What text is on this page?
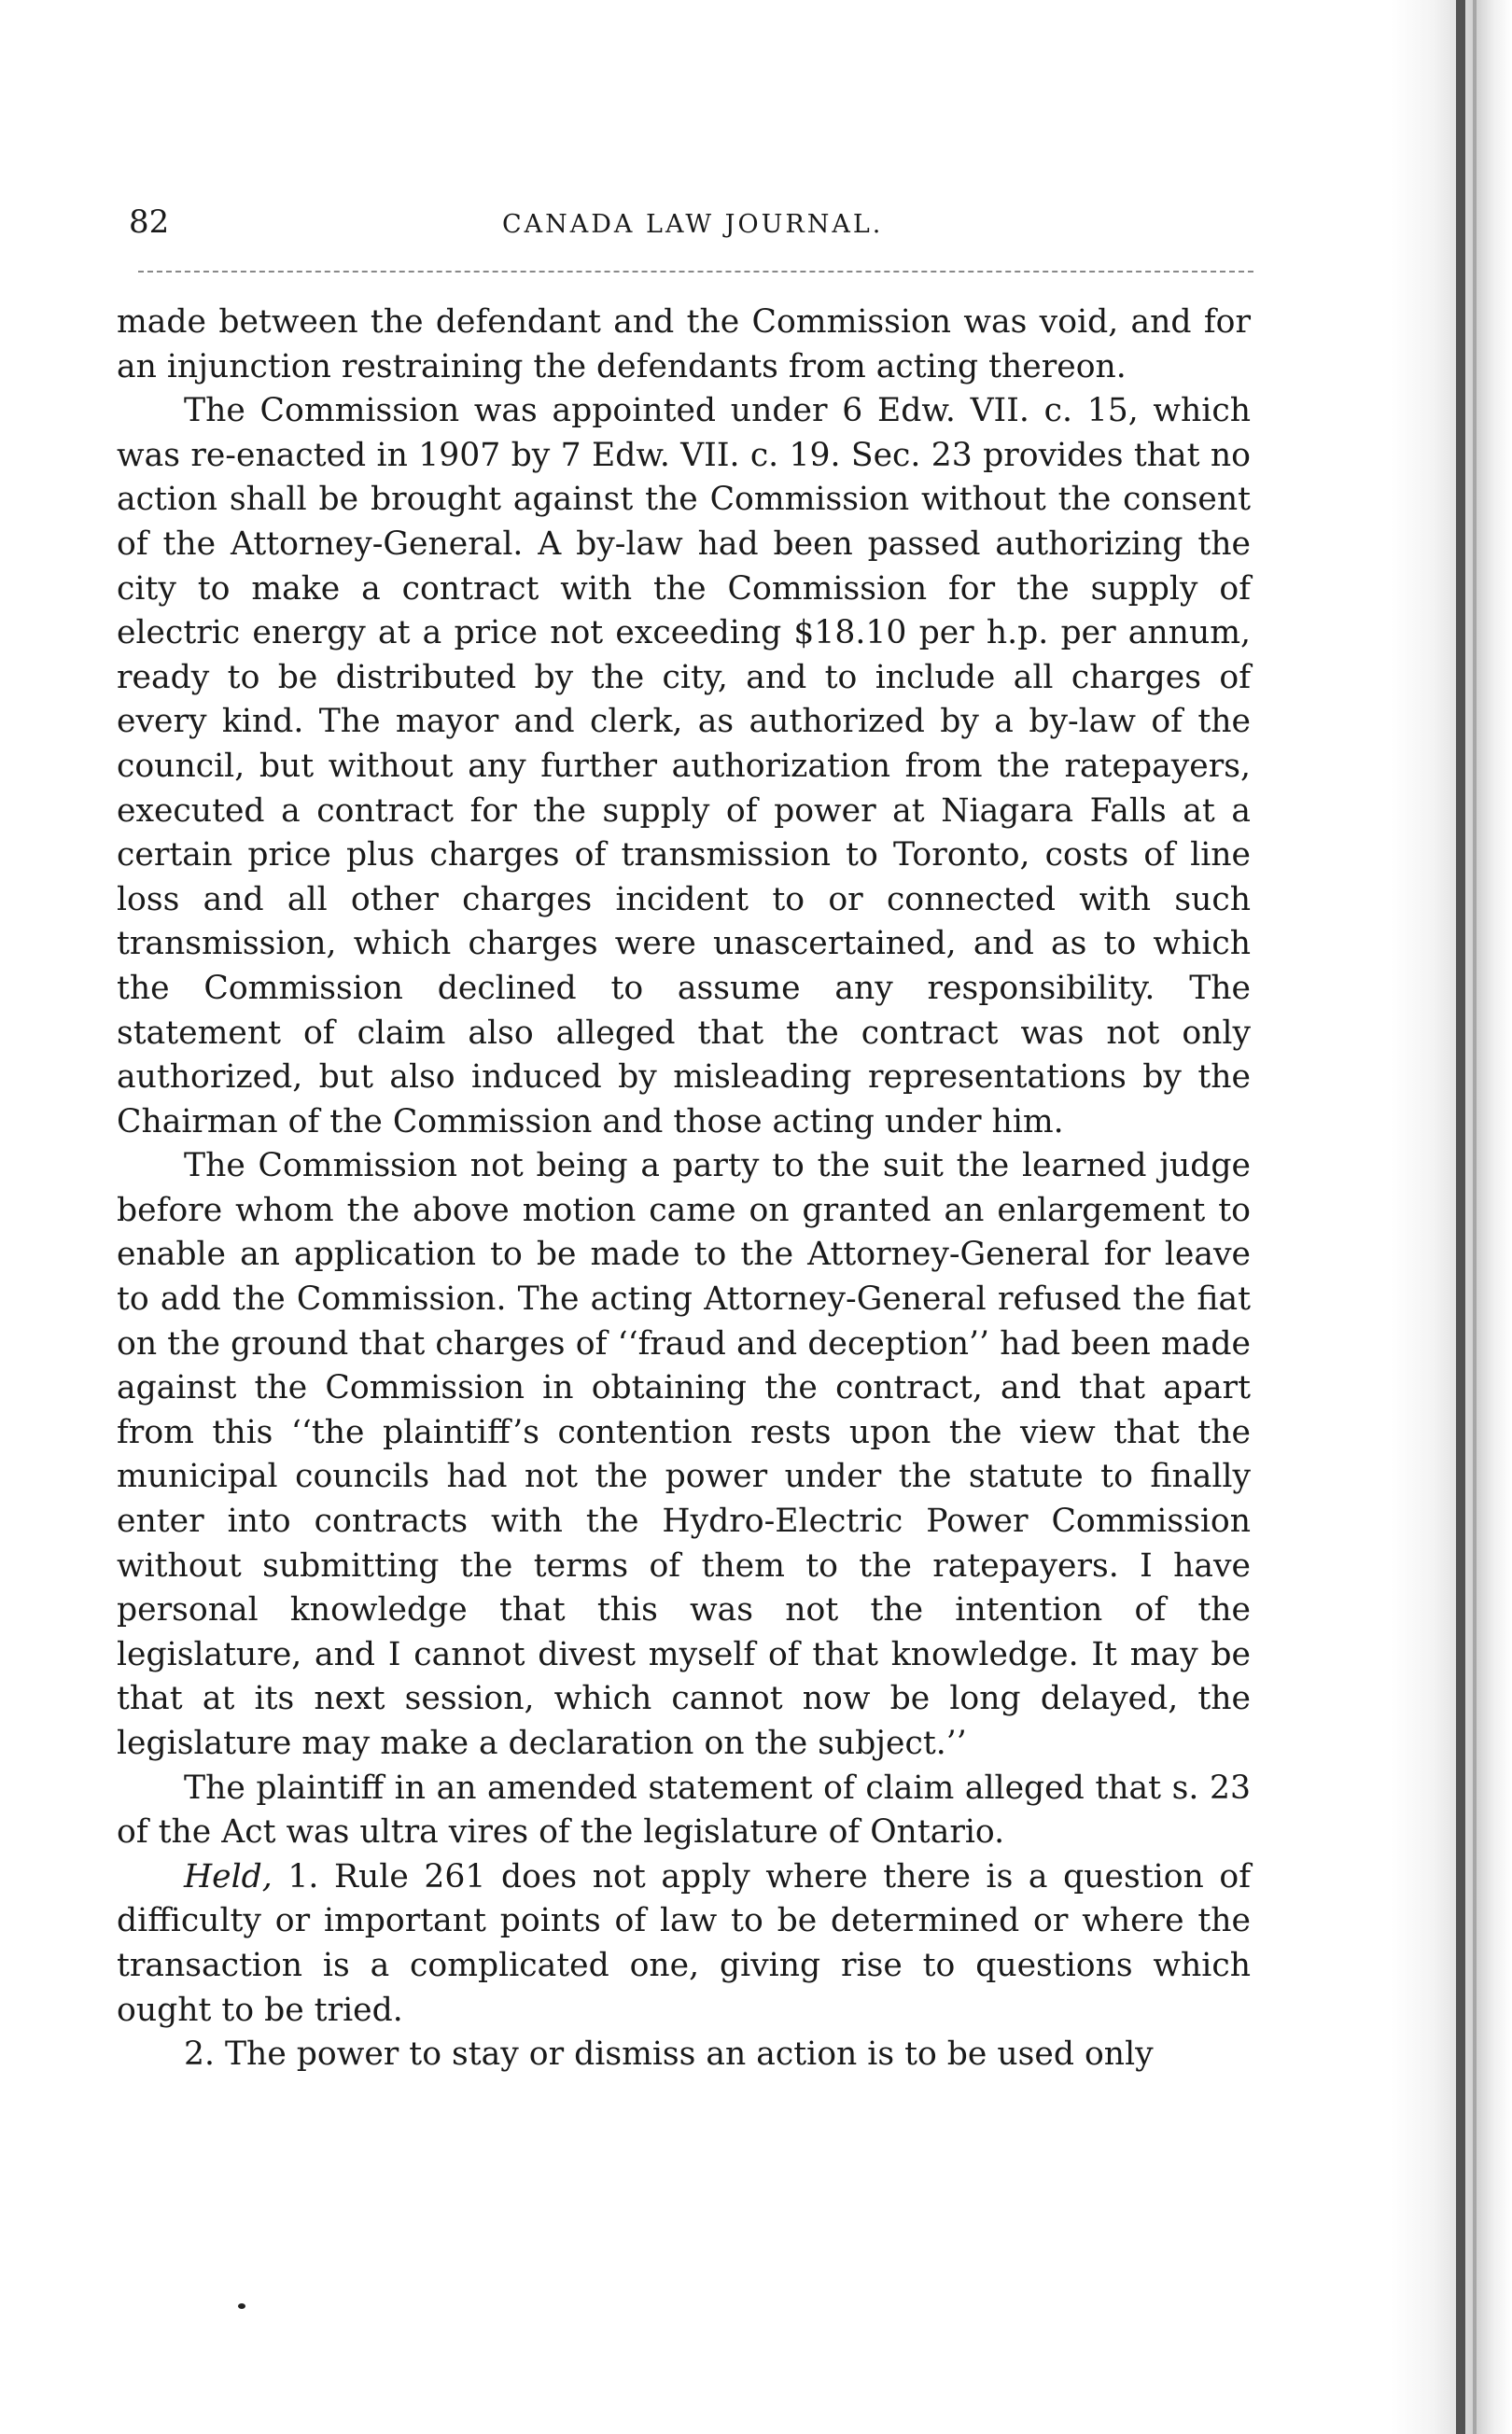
82	CANADA LAW JOURNAL.

made between the defendant and the Commission was void, and for an injunction restraining the defendants from acting thereon.

The Commission was appointed under 6 Edw. VII. c. 15, which was re-enacted in 1907 by 7 Edw. VII. c. 19. Sec. 23 provides that no action shall be brought against the Commission without the consent of the Attorney-General. A by-law had been passed authorizing the city to make a contract with the Commission for the supply of electric energy at a price not exceeding $18.10 per h.p. per annum, ready to be distributed by the city, and to include all charges of every kind. The mayor and clerk, as authorized by a by-law of the council, but without any further authorization from the ratepayers, executed a contract for the supply of power at Niagara Falls at a certain price plus charges of transmission to Toronto, costs of line loss and all other charges incident to or connected with such transmission, which charges were unascertained, and as to which the Commission declined to assume any responsibility. The statement of claim also alleged that the contract was not only authorized, but also induced by misleading representations by the Chairman of the Commission and those acting under him.

The Commission not being a party to the suit the learned judge before whom the above motion came on granted an enlargement to enable an application to be made to the Attorney-General for leave to add the Commission. The acting Attorney-General refused the fiat on the ground that charges of ‘‘fraud and deception’’ had been made against the Commission in obtaining the contract, and that apart from this ‘‘the plaintiff’s contention rests upon the view that the municipal councils had not the power under the statute to finally enter into contracts with the Hydro-Electric Power Commission without submitting the terms of them to the ratepayers. I have personal knowledge that this was not the intention of the legislature, and I cannot divest myself of that knowledge. It may be that at its next session, which cannot now be long delayed, the legislature may make a declaration on the subject.’’

The plaintiff in an amended statement of claim alleged that s. 23 of the Act was ultra vires of the legislature of Ontario.

Held, 1. Rule 261 does not apply where there is a question of difficulty or important points of law to be determined or where the transaction is a complicated one, giving rise to questions which ought to be tried.

2. The power to stay or dismiss an action is to be used only
